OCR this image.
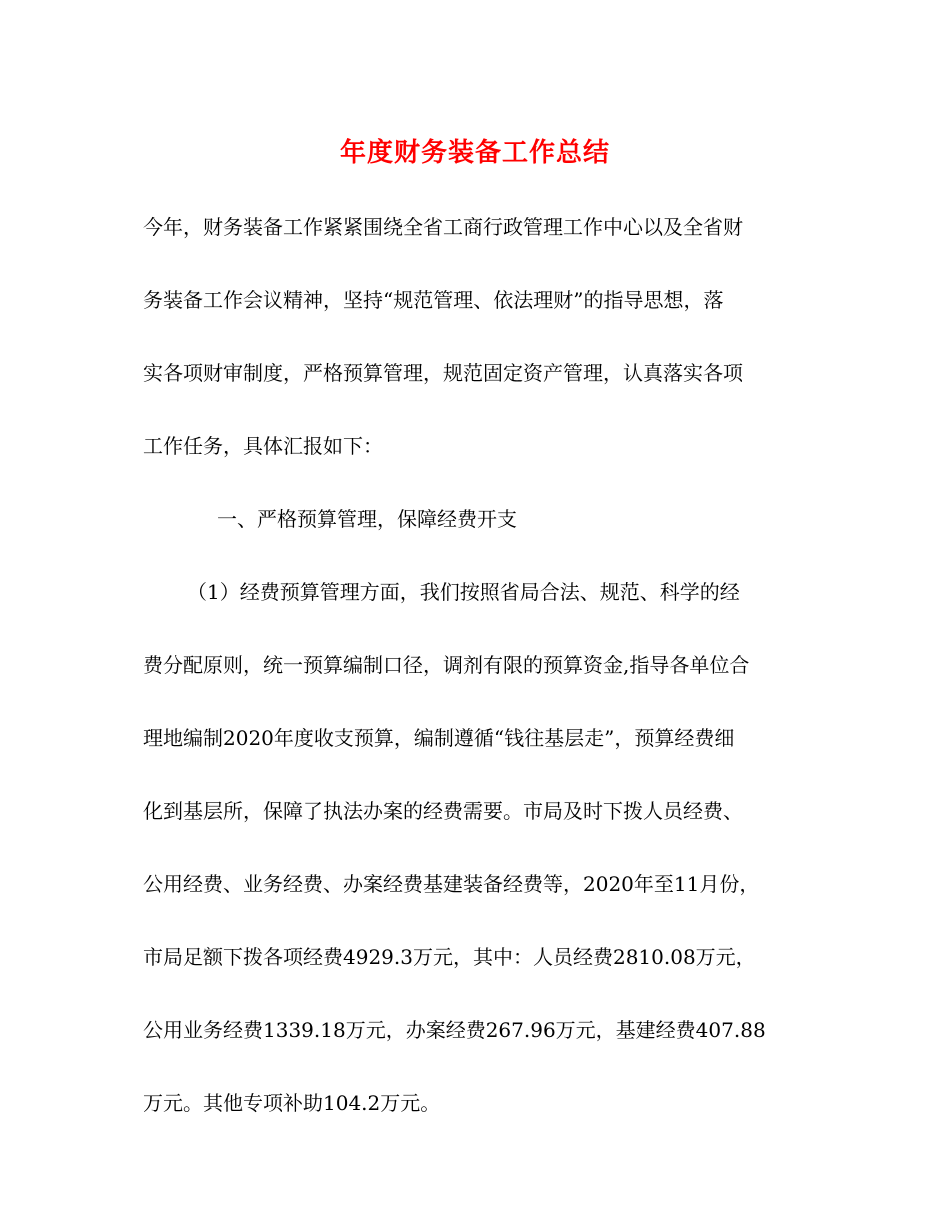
年度财务装备工作总结
今年，财务装备工作紧紧围绕全省工商行政管理工作中心以及全省财
务装备工作会议精神，坚持“规范管理、依法理财”的指导思想，落
实各项财审制度，严格预算管理，规范固定资产管理，认真落实各项
工作任务，具体汇报如下：
一、严格预算管理，保障经费开支
（1）经费预算管理方面，我们按照省局合法、规范、科学的经
费分配原则，统一预算编制口径，调剂有限的预算资金,指导各单位合
理地编制2020年度收支预算，编制遵循“钱往基层走”，预算经费细
化到基层所，保障了执法办案的经费需要。市局及时下拨人员经费、
公用经费、业务经费、办案经费基建装备经费等，2020年至11月份，
市局足额下拨各项经费4929.3万元，其中：人员经费2810.08万元，
公用业务经费1339.18万元，办案经费267.96万元，基建经费407.88
万元。其他专项补助104.2万元。
